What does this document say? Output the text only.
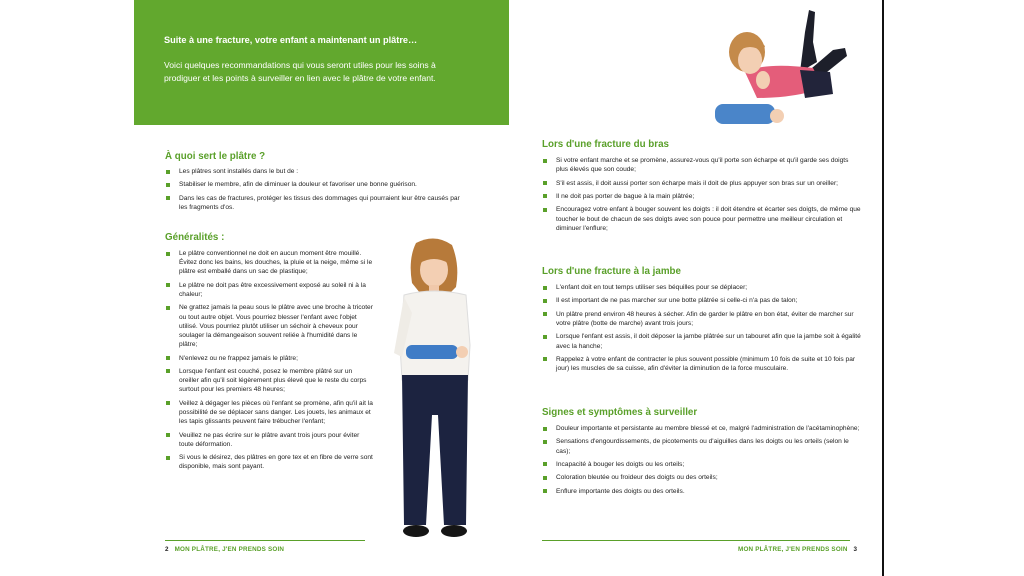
Suite à une fracture, votre enfant a maintenant un plâtre…
Voici quelques recommandations qui vous seront utiles pour les soins à prodiguer et les points à surveiller en lien avec le plâtre de votre enfant.
À quoi sert le plâtre ?
Les plâtres sont installés dans le but de :
Stabiliser le membre, afin de diminuer la douleur et favoriser une bonne guérison.
Dans les cas de fractures, protéger les tissus des dommages qui pourraient leur être causés par les fragments d'os.
Généralités :
Le plâtre conventionnel ne doit en aucun moment être mouillé. Évitez donc les bains, les douches, la pluie et la neige, même si le plâtre est emballé dans un sac de plastique;
Le plâtre ne doit pas être excessivement exposé au soleil ni à la chaleur;
Ne grattez jamais la peau sous le plâtre avec une broche à tricoter ou tout autre objet. Vous pourriez blesser l'enfant avec l'objet utilisé. Vous pourriez plutôt utiliser un séchoir à cheveux pour soulager la démangeaison souvent reliée à l'humidité dans le plâtre;
N'enlevez ou ne frappez jamais le plâtre;
Lorsque l'enfant est couché, posez le membre plâtré sur un oreiller afin qu'il soit légèrement plus élevé que le reste du corps surtout pour les premiers 48 heures;
Veillez à dégager les pièces où l'enfant se promène, afin qu'il ait la possibilité de se déplacer sans danger. Les jouets, les animaux et les tapis glissants peuvent faire trébucher l'enfant;
Veuillez ne pas écrire sur le plâtre avant trois jours pour éviter toute déformation.
Si vous le désirez, des plâtres en gore tex et en fibre de verre sont disponible, mais sont payant.
2 MON PLÂTRE, J'EN PRENDS SOIN
Lors d'une fracture du bras
Si votre enfant marche et se promène, assurez-vous qu'il porte son écharpe et qu'il garde ses doigts plus élevés que son coude;
S'il est assis, il doit aussi porter son écharpe mais il doit de plus appuyer son bras sur un oreiller;
Il ne doit pas porter de bague à la main plâtrée;
Encouragez votre enfant à bouger souvent les doigts : il doit étendre et écarter ses doigts, de même que toucher le bout de chacun de ses doigts avec son pouce pour permettre une meilleur circulation et diminuer l'enflure;
Lors d'une fracture à la jambe
L'enfant doit en tout temps utiliser ses béquilles pour se déplacer;
Il est important de ne pas marcher sur une botte plâtrée si celle-ci n'a pas de talon;
Un plâtre prend environ 48 heures à sécher. Afin de garder le plâtre en bon état, éviter de marcher sur votre plâtre (botte de marche) avant trois jours;
Lorsque l'enfant est assis, il doit déposer la jambe plâtrée sur un tabouret afin que la jambe soit à égalité avec la hanche;
Rappelez à votre enfant de contracter le plus souvent possible (minimum 10 fois de suite et 10 fois par jour) les muscles de sa cuisse, afin d'éviter la diminution de la force musculaire.
Signes et symptômes à surveiller
Douleur importante et persistante au membre blessé et ce, malgré l'administration de l'acétaminophène;
Sensations d'engourdissements, de picotements ou d'aiguilles dans les doigts ou les orteils (selon le cas);
Incapacité à bouger les doigts ou les orteils;
Coloration bleutée ou froideur des doigts ou des orteils;
Enflure importante des doigts ou des orteils.
MON PLÂTRE, J'EN PRENDS SOIN 3
